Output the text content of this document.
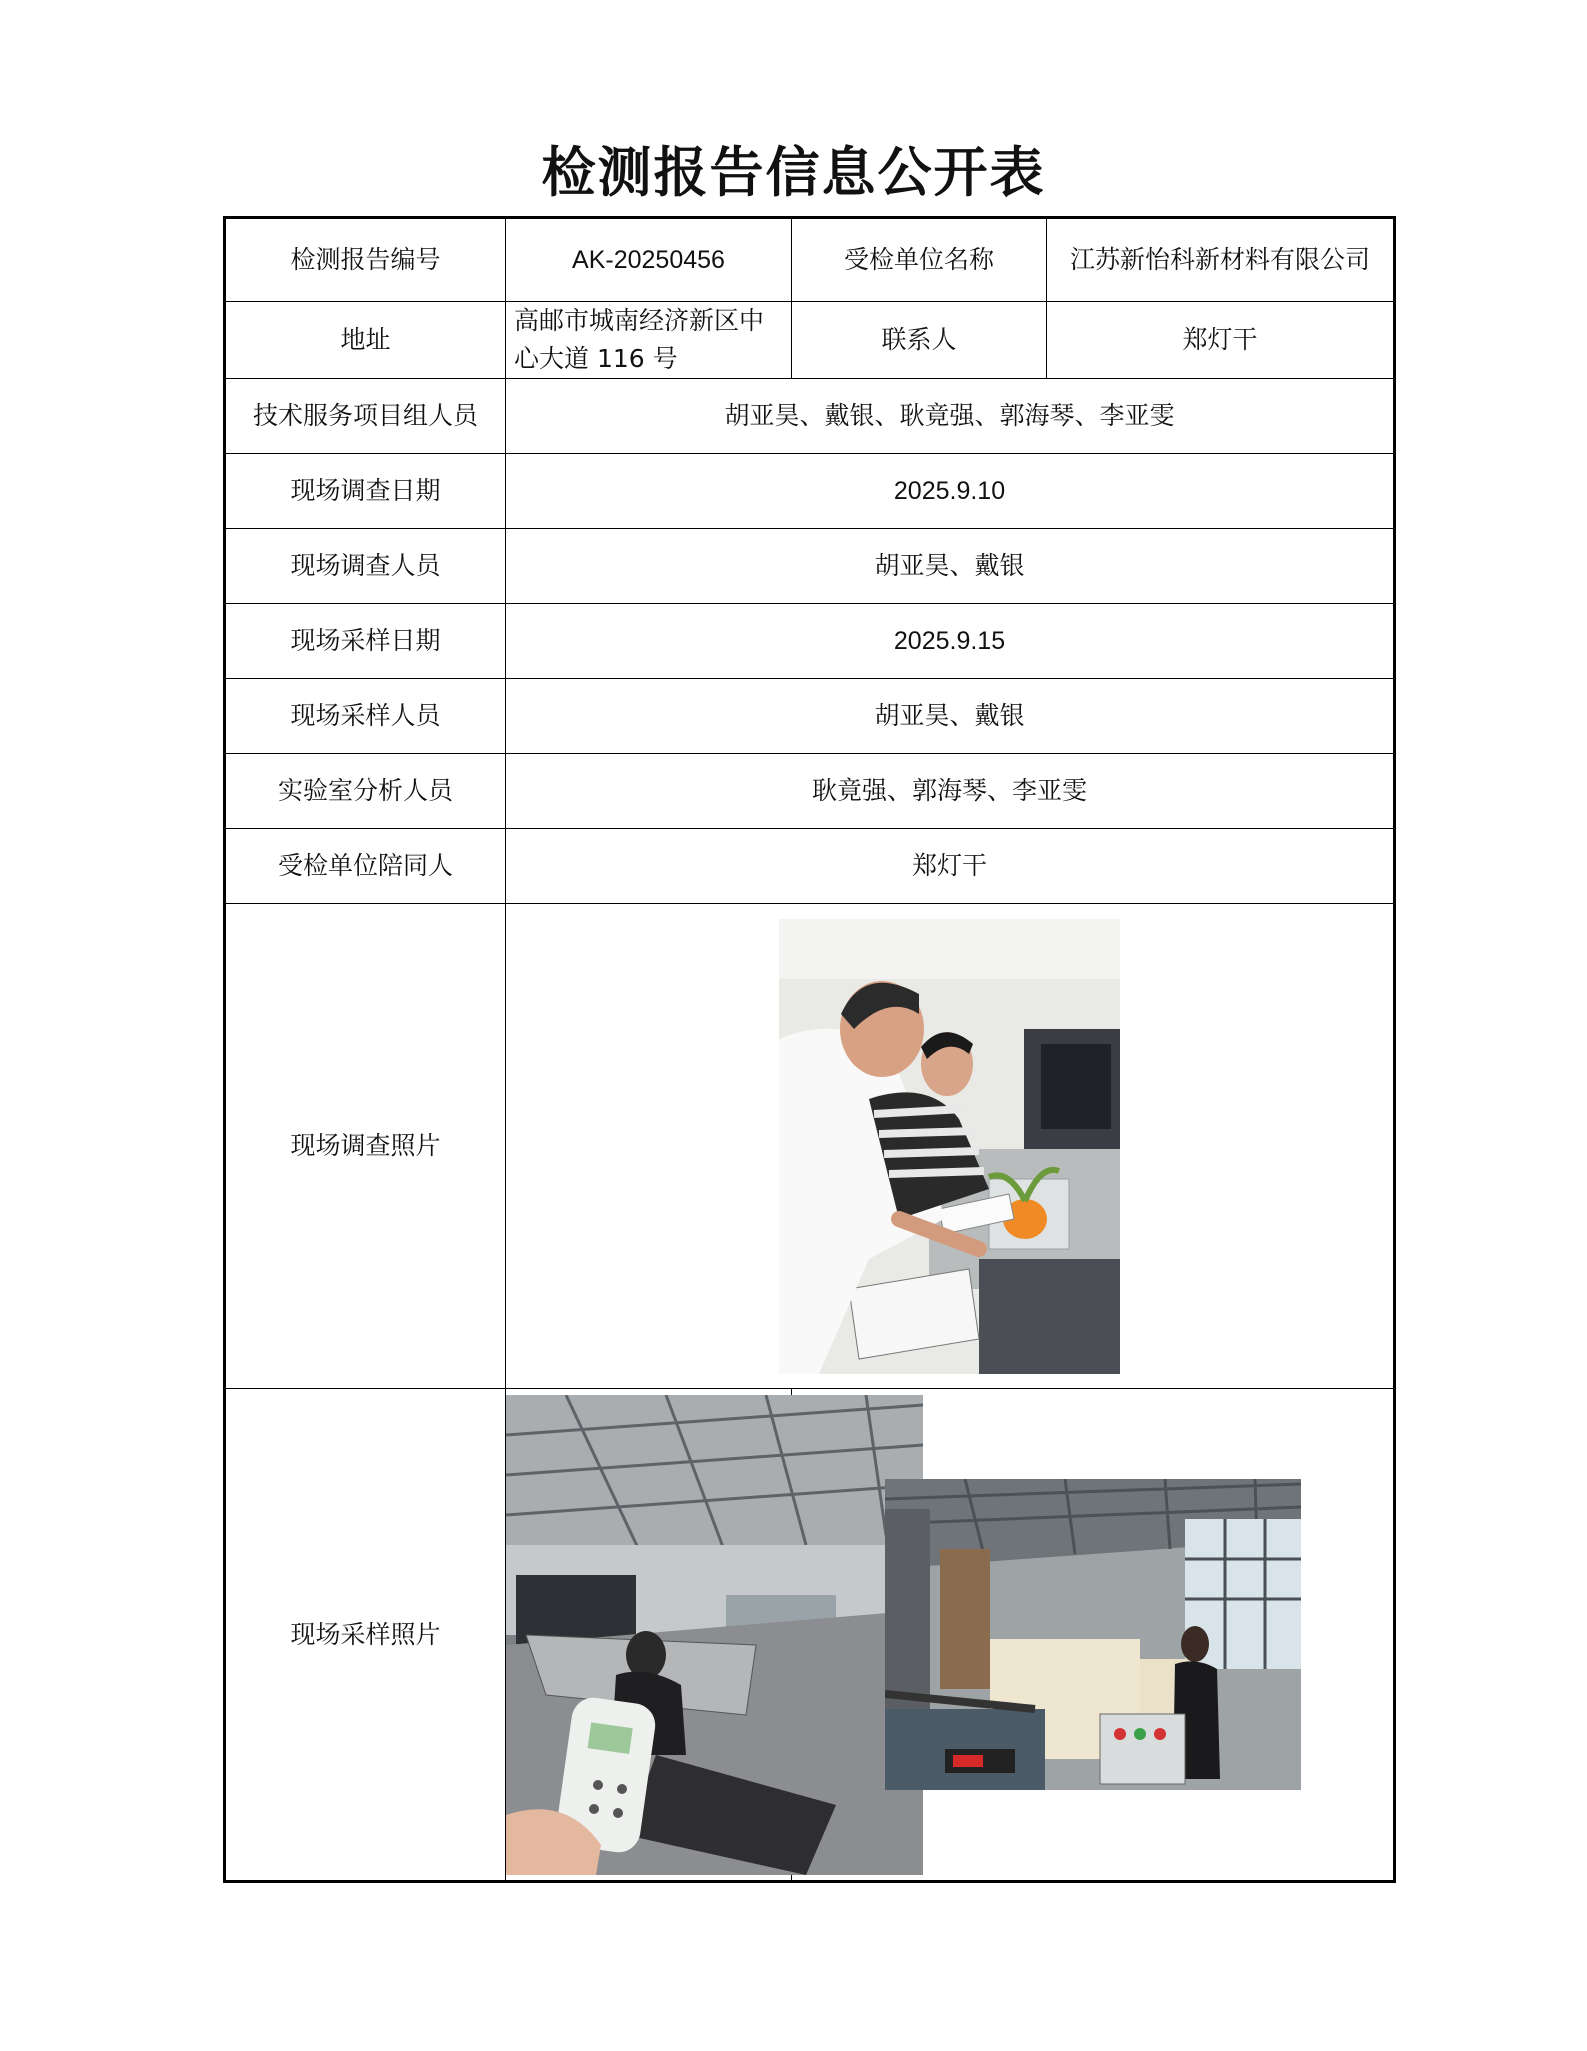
检测报告信息公开表
检测报告编号	AK-20250456	受检单位名称	江苏新怡科新材料有限公司
地址	高邮市城南经济新区中心大道 116 号	联系人	郑灯干
技术服务项目组人员	胡亚昊、戴银、耿竟强、郭海琴、李亚雯		
现场调查日期	2025.9.10		
现场调查人员	胡亚昊、戴银		
现场采样日期	2025.9.15		
现场采样人员	胡亚昊、戴银		
实验室分析人员	耿竟强、郭海琴、李亚雯		
受检单位陪同人	郑灯干		
现场调查照片	

现场采样照片	
